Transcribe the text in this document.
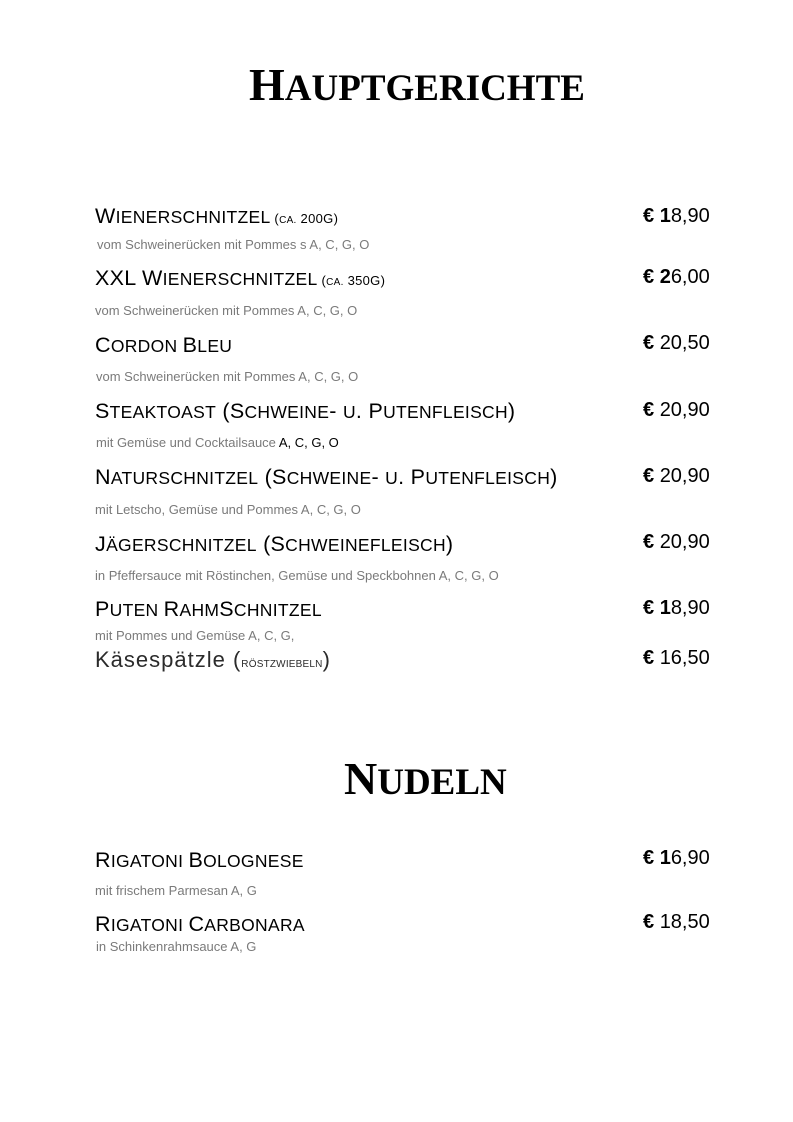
HAUPTGERICHTE
WIENERSCHNITZEL (CA. 200G)
vom Schweinerücken mit Pommes s A, C, G, O
€ 18,90
XXL WIENERSCHNITZEL (CA. 350G)
vom Schweinerücken mit Pommes A, C, G, O
€ 26,00
CORDON BLEU
vom Schweinerücken mit Pommes A, C, G, O
€ 20,50
STEAKTOAST (SCHWEINE- U. PUTENFLEISCH)
mit Gemüse und Cocktailsauce A, C, G, O
€ 20,90
NATURSCHNITZEL (SCHWEINE- U. PUTENFLEISCH)
mit Letscho, Gemüse und Pommes A, C, G, O
€ 20,90
JÄGERSCHNITZEL (SCHWEINEFLEISCH)
in Pfeffersauce mit Röstinchen, Gemüse und Speckbohnen A, C, G, O
€ 20,90
PUTEN RAHMSCHNITZEL
mit Pommes und Gemüse A, C, G,
€ 18,90
Käsespätzle (RÖSTZWIEBELN)	€ 16,50
NUDELN
RIGATONI BOLOGNESE
mit frischem Parmesan A, G
€ 16,90
RIGATONI CARBONARA
in Schinkenrahmsauce A, G
€ 18,50
